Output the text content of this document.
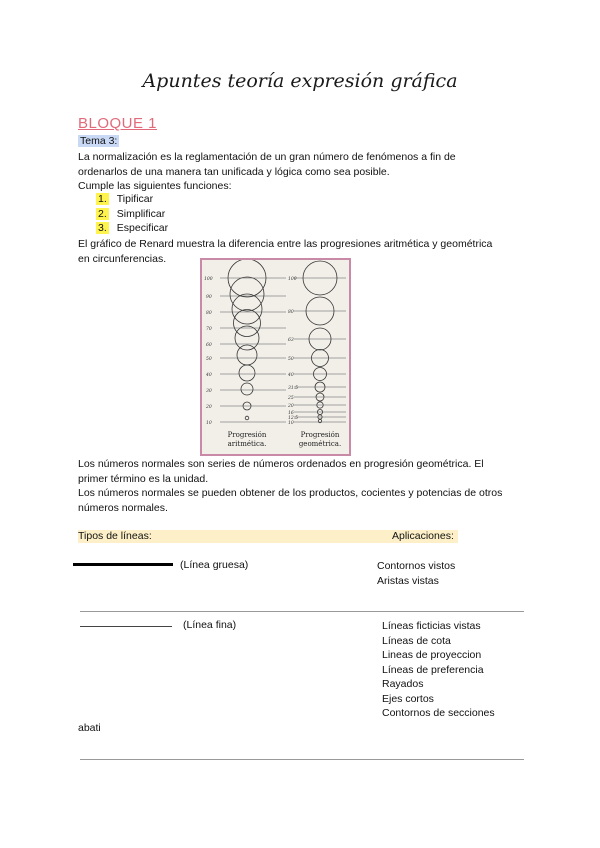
Apuntes teoría expresión gráfica
BLOQUE 1
Tema 3:
La normalización es la reglamentación de un gran número de fenómenos a fin de
ordenarlos de una manera tan unificada y lógica como sea posible.
Cumple las siguientes funciones:
1. Tipificar
2. Simplificar
3. Especificar
El gráfico de Renard muestra la diferencia entre las progresiones aritmética y geométrica
en circunferencias.
100
90
80
70
60
50
40
30
20
10
100
80
63
50
40
31.5
25
20
16
12.5
10
Progresión
aritmética.
Progresión
geométrica.
Los números normales son series de números ordenados en progresión geométrica. El
primer término es la unidad.
Los números normales se pueden obtener de los productos, cocientes y potencias de otros
números normales.
Tipos de líneas:	Aplicaciones:
(Línea gruesa)	Contornos vistos
Aristas vistas
(Línea fina)	Líneas ficticias vistas
Líneas de cota
Lineas de proyeccion
Líneas de preferencia
Rayados
Ejes cortos
Contornos de secciones
abati
